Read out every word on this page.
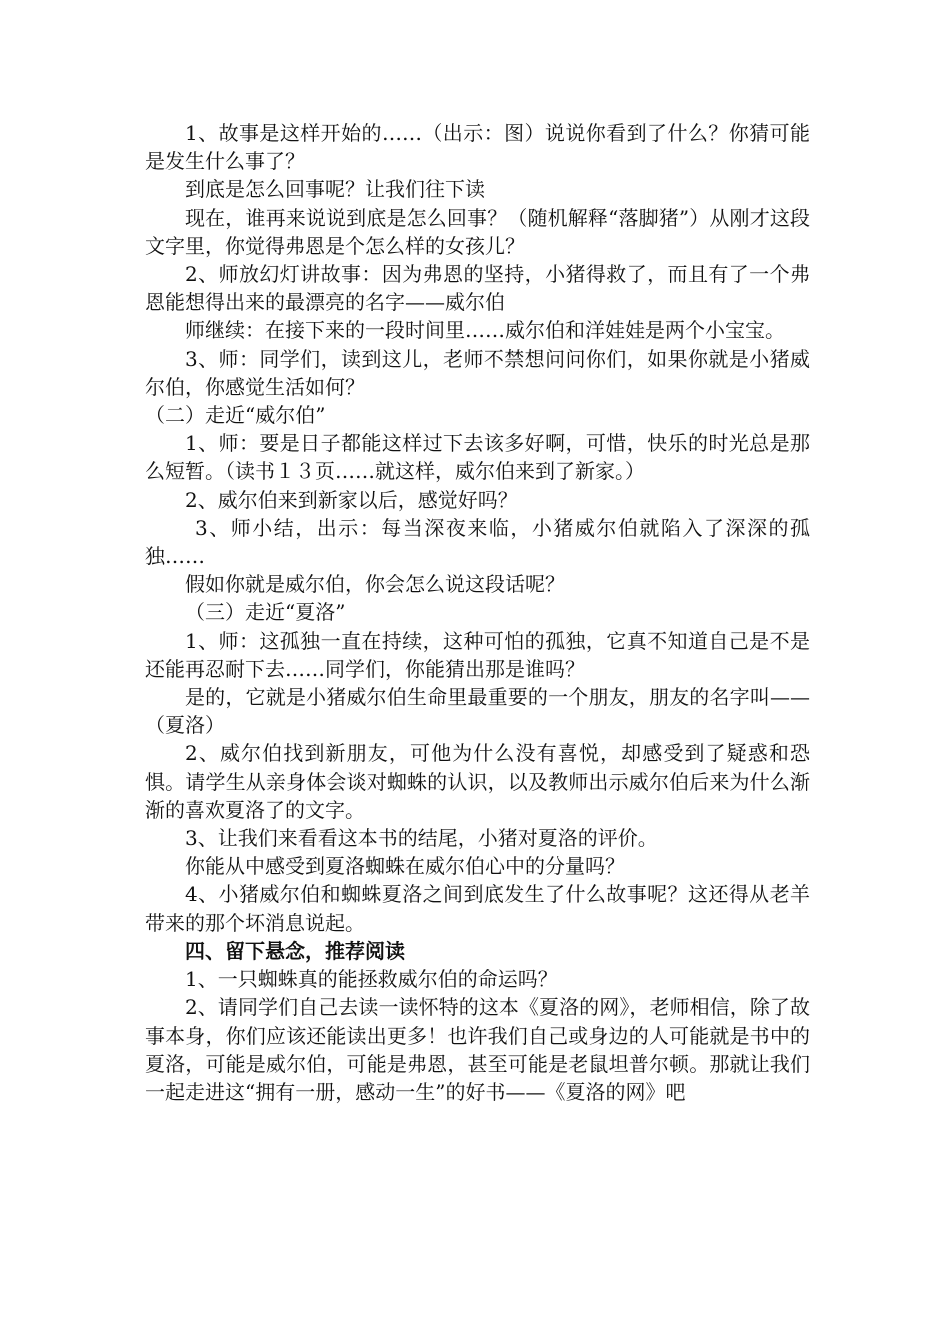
1、故事是这样开始的……（出示：图）说说你看到了什么？你猜可能是发生什么事了？

到底是怎么回事呢？让我们往下读

现在，谁再来说说到底是怎么回事？（随机解释“落脚猪”）从刚才这段文字里，你觉得弗恩是个怎么样的女孩儿？

2、师放幻灯讲故事：因为弗恩的坚持，小猪得救了，而且有了一个弗恩能想得出来的最漂亮的名字——威尔伯

师继续：在接下来的一段时间里……威尔伯和洋娃娃是两个小宝宝。

3、师：同学们，读到这儿，老师不禁想问问你们，如果你就是小猪威尔伯，你感觉生活如何？

（二）走近“威尔伯”

1、师：要是日子都能这样过下去该多好啊，可惜，快乐的时光总是那么短暂。（读书１３页……就这样，威尔伯来到了新家。）

2、威尔伯来到新家以后，感觉好吗？

3、师小结，出示：每当深夜来临，小猪威尔伯就陷入了深深的孤独……

假如你就是威尔伯，你会怎么说这段话呢？

（三）走近“夏洛”

1、师：这孤独一直在持续，这种可怕的孤独，它真不知道自己是不是还能再忍耐下去……同学们，你能猜出那是谁吗？

是的，它就是小猪威尔伯生命里最重要的一个朋友，朋友的名字叫——（夏洛）

2、威尔伯找到新朋友，可他为什么没有喜悦，却感受到了疑惑和恐惧。请学生从亲身体会谈对蜘蛛的认识，以及教师出示威尔伯后来为什么渐渐的喜欢夏洛了的文字。

3、让我们来看看这本书的结尾，小猪对夏洛的评价。

你能从中感受到夏洛蜘蛛在威尔伯心中的分量吗？

4、小猪威尔伯和蜘蛛夏洛之间到底发生了什么故事呢？这还得从老羊带来的那个坏消息说起。

四、留下悬念，推荐阅读

1、一只蜘蛛真的能拯救威尔伯的命运吗？

2、请同学们自己去读一读怀特的这本《夏洛的网》，老师相信，除了故事本身，你们应该还能读出更多！也许我们自己或身边的人可能就是书中的夏洛，可能是威尔伯，可能是弗恩，甚至可能是老鼠坦普尔顿。那就让我们一起走进这“拥有一册，感动一生”的好书——《夏洛的网》吧
